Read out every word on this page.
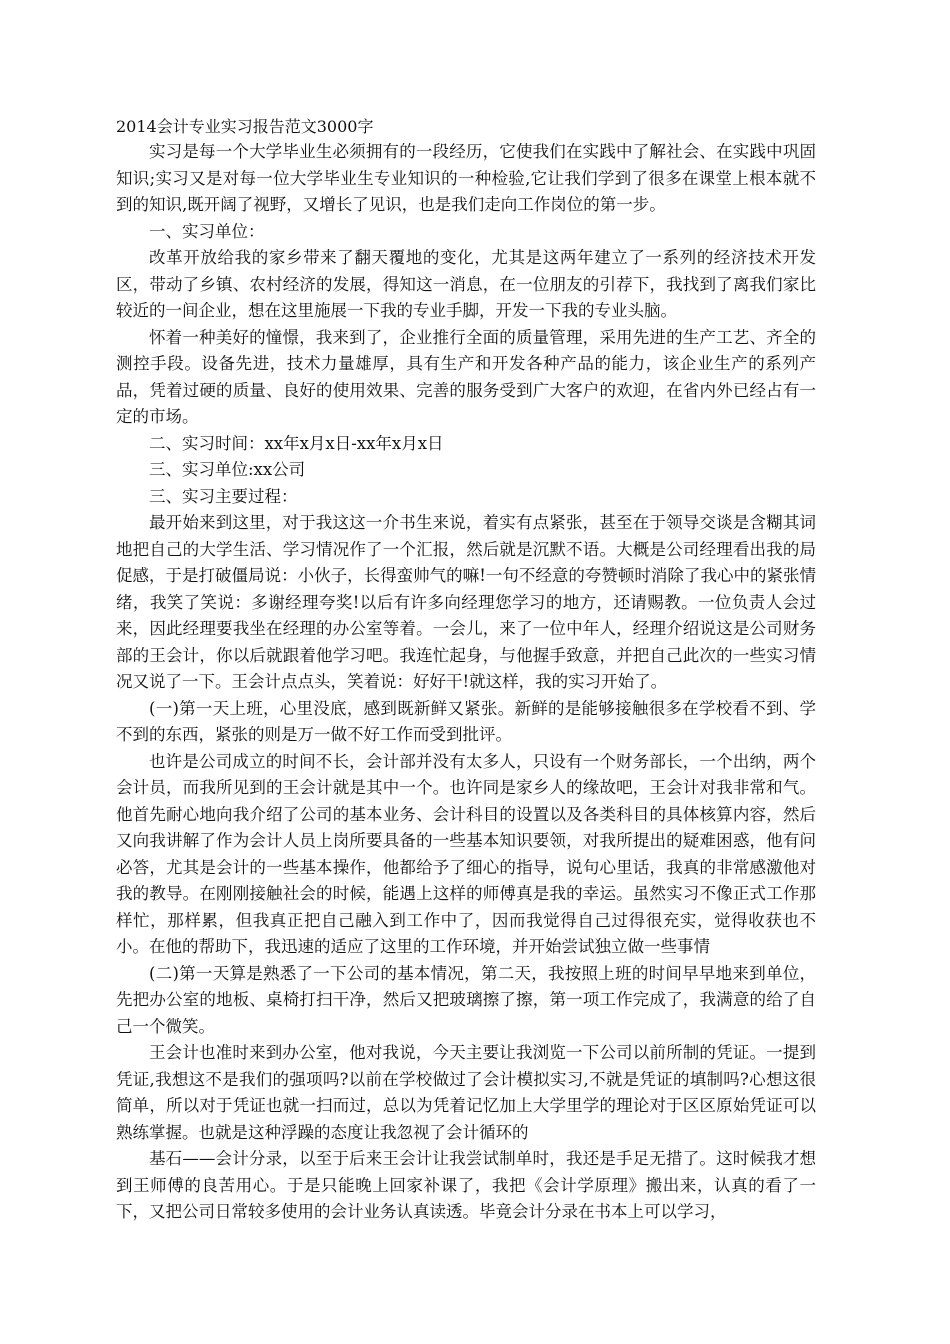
2014会计专业实习报告范文3000字

实习是每一个大学毕业生必须拥有的一段经历，它使我们在实践中了解社会、在实践中巩固知识;实习又是对每一位大学毕业生专业知识的一种检验,它让我们学到了很多在课堂上根本就不到的知识,既开阔了视野，又增长了见识，也是我们走向工作岗位的第一步。

一、实习单位：

改革开放给我的家乡带来了翻天覆地的变化，尤其是这两年建立了一系列的经济技术开发区，带动了乡镇、农村经济的发展，得知这一消息，在一位朋友的引荐下，我找到了离我们家比较近的一间企业，想在这里施展一下我的专业手脚，开发一下我的专业头脑。

怀着一种美好的憧憬，我来到了，企业推行全面的质量管理，采用先进的生产工艺、齐全的测控手段。设备先进，技术力量雄厚，具有生产和开发各种产品的能力，该企业生产的系列产品，凭着过硬的质量、良好的使用效果、完善的服务受到广大客户的欢迎，在省内外已经占有一定的市场。

二、实习时间：xx年x月x日-xx年x月x日

三、实习单位:xx公司

三、实习主要过程：

最开始来到这里，对于我这这一介书生来说，着实有点紧张，甚至在于领导交谈是含糊其词地把自己的大学生活、学习情况作了一个汇报，然后就是沉默不语。大概是公司经理看出我的局促感，于是打破僵局说：小伙子，长得蛮帅气的嘛!一句不经意的夸赞顿时消除了我心中的紧张情绪，我笑了笑说：多谢经理夸奖!以后有许多向经理您学习的地方，还请赐教。一位负责人会过来，因此经理要我坐在经理的办公室等着。一会儿，来了一位中年人，经理介绍说这是公司财务部的王会计，你以后就跟着他学习吧。我连忙起身，与他握手致意，并把自己此次的一些实习情况又说了一下。王会计点点头，笑着说：好好干!就这样，我的实习开始了。

(一)第一天上班，心里没底，感到既新鲜又紧张。新鲜的是能够接触很多在学校看不到、学不到的东西，紧张的则是万一做不好工作而受到批评。

也许是公司成立的时间不长，会计部并没有太多人，只设有一个财务部长，一个出纳，两个会计员，而我所见到的王会计就是其中一个。也许同是家乡人的缘故吧，王会计对我非常和气。他首先耐心地向我介绍了公司的基本业务、会计科目的设置以及各类科目的具体核算内容，然后又向我讲解了作为会计人员上岗所要具备的一些基本知识要领，对我所提出的疑难困惑，他有问必答，尤其是会计的一些基本操作，他都给予了细心的指导，说句心里话，我真的非常感激他对我的教导。在刚刚接触社会的时候，能遇上这样的师傅真是我的幸运。虽然实习不像正式工作那样忙，那样累，但我真正把自己融入到工作中了，因而我觉得自己过得很充实，觉得收获也不小。在他的帮助下，我迅速的适应了这里的工作环境，并开始尝试独立做一些事情

(二)第一天算是熟悉了一下公司的基本情况，第二天，我按照上班的时间早早地来到单位，先把办公室的地板、桌椅打扫干净，然后又把玻璃擦了擦，第一项工作完成了，我满意的给了自己一个微笑。

王会计也准时来到办公室，他对我说，今天主要让我浏览一下公司以前所制的凭证。一提到凭证,我想这不是我们的强项吗?以前在学校做过了会计模拟实习,不就是凭证的填制吗?心想这很简单，所以对于凭证也就一扫而过，总以为凭着记忆加上大学里学的理论对于区区原始凭证可以熟练掌握。也就是这种浮躁的态度让我忽视了会计循环的

基石——会计分录，以至于后来王会计让我尝试制单时，我还是手足无措了。这时候我才想到王师傅的良苦用心。于是只能晚上回家补课了，我把《会计学原理》搬出来，认真的看了一下，又把公司日常较多使用的会计业务认真读透。毕竟会计分录在书本上可以学习，
